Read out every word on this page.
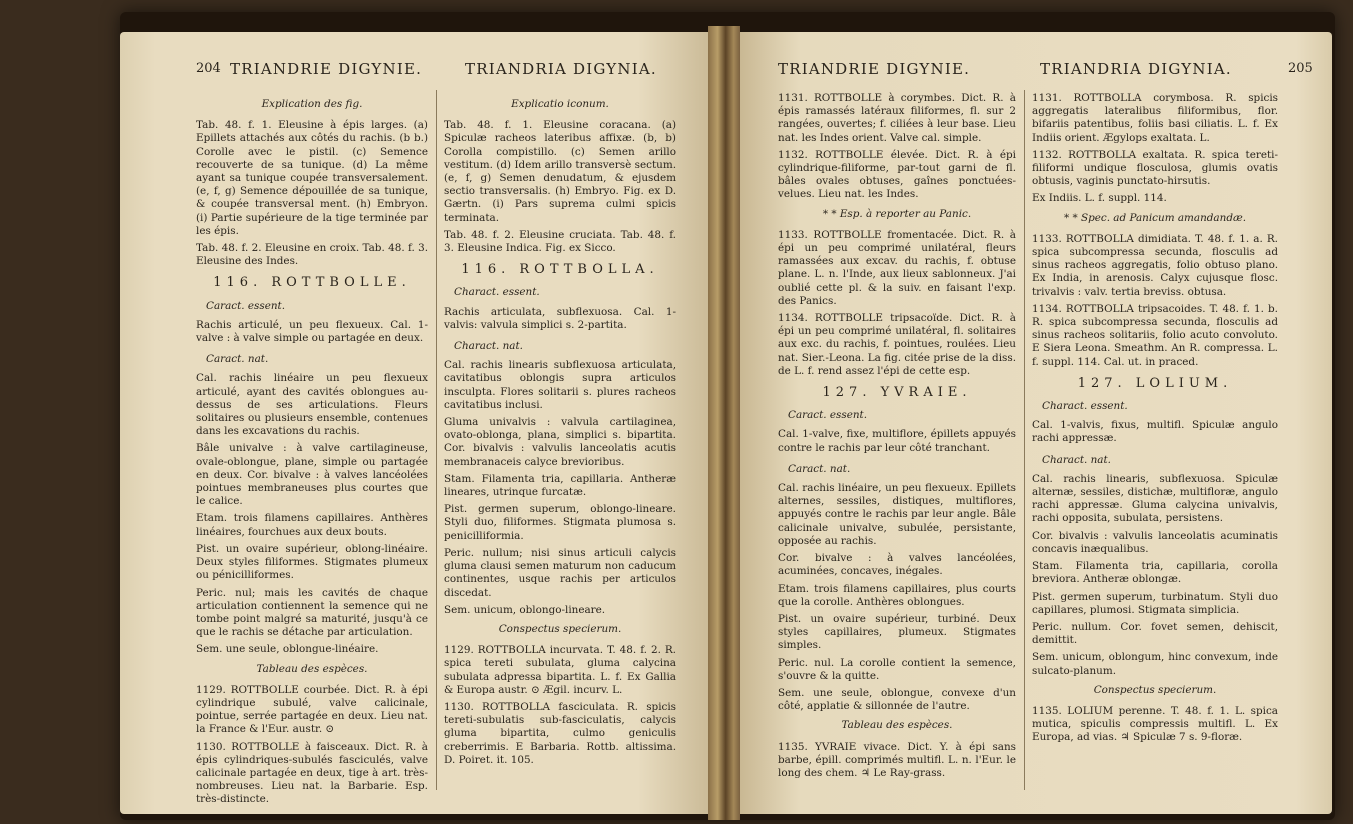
204 TRIANDRIE DIGYNIE.	TRIANDRIA DIGYNIA.

Explication des fig.

Tab. 48. f. 1. Eleusine à épis larges. (a) Epillets attachés aux côtés du rachis. (b b.) Corolle avec le pistil. (c) Semence recouverte de sa tunique. (d) La même ayant sa tunique coupée transversalement. (e, f, g) Semence dépouillée de sa tunique, & coupée transversal ment. (h) Embryon. (i) Partie supérieure de la tige terminée par les épis.

Tab. 48. f. 2. Eleusine en croix. Tab. 48. f. 3. Eleusine des Indes.

116. ROTTBOLLE.

Caract. essent.

Rachis articulé, un peu flexueux. Cal. 1-valve : à valve simple ou partagée en deux.

Caract. nat.

Cal. rachis linéaire un peu flexueux articulé, ayant des cavités oblongues au-dessus de ses articulations. Fleurs solitaires ou plusieurs ensemble, contenues dans les excavations du rachis.

Bâle univalve : à valve cartilagineuse, ovale-oblongue, plane, simple ou partagée en deux. Cor. bivalve : à valves lancéolées pointues membraneuses plus courtes que le calice.

Etam. trois filamens capillaires. Anthères linéaires, fourchues aux deux bouts.

Pist. un ovaire supérieur, oblong-linéaire. Deux styles filiformes. Stigmates plumeux ou pénicilliformes.

Peric. nul; mais les cavités de chaque articulation contiennent la semence qui ne tombe point malgré sa maturité, jusqu'à ce que le rachis se détache par articulation.

Sem. une seule, oblongue-linéaire.

Tableau des espèces.

1129. ROTTBOLLE courbée. Dict. R. à épi cylindrique subulé, valve calicinale, pointue, serrée partagée en deux. Lieu nat. la France & l'Eur. austr. ⊙

1130. ROTTBOLLE à faisceaux. Dict. R. à épis cylindriques-subulés fasciculés, valve calicinale partagée en deux, tige à art. très-nombreuses. Lieu nat. la Barbarie. Esp. très-distincte.

Explicatio iconum.

Tab. 48. f. 1. Eleusine coracana. (a) Spiculæ racheos lateribus affixæ. (b, b) Corolla compistillo. (c) Semen arillo vestitum. (d) Idem arillo transversè sectum. (e, f, g) Semen denudatum, & ejusdem sectio transversalis. (h) Embryo. Fig. ex D. Gærtn. (i) Pars suprema culmi spicis terminata.

Tab. 48. f. 2. Eleusine cruciata. Tab. 48. f. 3. Eleusine Indica. Fig. ex Sicco.

116. ROTTBOLLA.

Charact. essent.

Rachis articulata, subflexuosa. Cal. 1-valvis: valvula simplici s. 2-partita.

Charact. nat.

Cal. rachis linearis subflexuosa articulata, cavitatibus oblongis supra articulos insculpta. Flores solitarii s. plures racheos cavitatibus inclusi.

Gluma univalvis : valvula cartilaginea, ovato-oblonga, plana, simplici s. bipartita. Cor. bivalvis : valvulis lanceolatis acutis membranaceis calyce brevioribus.

Stam. Filamenta tria, capillaria. Antheræ lineares, utrinque furcatæ.

Pist. germen superum, oblongo-lineare. Styli duo, filiformes. Stigmata plumosa s. penicilliformia.

Peric. nullum; nisi sinus articuli calycis gluma clausi semen maturum non caducum continentes, usque rachis per articulos discedat.

Sem. unicum, oblongo-lineare.

Conspectus specierum.

1129. ROTTBOLLA incurvata. T. 48. f. 2. R. spica tereti subulata, gluma calycina subulata adpressa bipartita. L. f. Ex Gallia & Europa austr. ⊙ Ægil. incurv. L.

1130. ROTTBOLLA fasciculata. R. spicis tereti-subulatis sub-fasciculatis, calycis gluma bipartita, culmo geniculis creberrimis. E Barbaria. Rottb. altissima. D. Poiret. it. 105.

TRIANDRIE DIGYNIE.	TRIANDRIA DIGYNIA.	205

1131. ROTTBOLLE à corymbes. Dict. R. à épis ramassés latéraux filiformes, fl. sur 2 rangées, ouvertes; f. ciliées à leur base. Lieu nat. les Indes orient. Valve cal. simple.

1132. ROTTBOLLE élevée. Dict. R. à épi cylindrique-filiforme, par-tout garni de fl. bâles ovales obtuses, gaînes ponctuées-velues. Lieu nat. les Indes.

* * Esp. à reporter au Panic.

1133. ROTTBOLLE fromentacée. Dict. R. à épi un peu comprimé unilatéral, fleurs ramassées aux excav. du rachis, f. obtuse plane. L. n. l'Inde, aux lieux sablonneux. J'ai oublié cette pl. & la suiv. en faisant l'exp. des Panics.

1134. ROTTBOLLE tripsacoïde. Dict. R. à épi un peu comprimé unilatéral, fl. solitaires aux exc. du rachis, f. pointues, roulées. Lieu nat. Sier.-Leona. La fig. citée prise de la diss. de L. f. rend assez l'épi de cette esp.

127. YVRAIE.

Caract. essent.

Cal. 1-valve, fixe, multiflore, épillets appuyés contre le rachis par leur côté tranchant.

Caract. nat.

Cal. rachis linéaire, un peu flexueux. Epillets alternes, sessiles, distiques, multiflores, appuyés contre le rachis par leur angle. Bâle calicinale univalve, subulée, persistante, opposée au rachis.

Cor. bivalve : à valves lancéolées, acuminées, concaves, inégales.

Etam. trois filamens capillaires, plus courts que la corolle. Anthères oblongues.

Pist. un ovaire supérieur, turbiné. Deux styles capillaires, plumeux. Stigmates simples.

Peric. nul. La corolle contient la semence, s'ouvre & la quitte.

Sem. une seule, oblongue, convexe d'un côté, applatie & sillonnée de l'autre.

Tableau des espèces.

1135. YVRAIE vivace. Dict. Y. à épi sans barbe, épill. comprimés multifl. L. n. l'Eur. le long des chem. ♃ Le Ray-grass.

1131. ROTTBOLLA corymbosa. R. spicis aggregatis lateralibus filiformibus, flor. bifariis patentibus, foliis basi ciliatis. L. f. Ex Indiis orient. Ægylops exaltata. L.

1132. ROTTBOLLA exaltata. R. spica tereti-filiformi undique flosculosa, glumis ovatis obtusis, vaginis punctato-hirsutis.

Ex Indiis. L. f. suppl. 114.

* * Spec. ad Panicum amandandæ.

1133. ROTTBOLLA dimidiata. T. 48. f. 1. a. R. spica subcompressa secunda, flosculis ad sinus racheos aggregatis, folio obtuso plano. Ex India, in arenosis. Calyx cujusque flosc. trivalvis : valv. tertia breviss. obtusa.

1134. ROTTBOLLA tripsacoides. T. 48. f. 1. b. R. spica subcompressa secunda, flosculis ad sinus racheos solitariis, folio acuto convoluto. E Siera Leona. Smeathm. An R. compressa. L. f. suppl. 114. Cal. ut. in praced.

127. LOLIUM.

Charact. essent.

Cal. 1-valvis, fixus, multifl. Spiculæ angulo rachi appressæ.

Charact. nat.

Cal. rachis linearis, subflexuosa. Spiculæ alternæ, sessiles, distichæ, multifloræ, angulo rachi appressæ. Gluma calycina univalvis, rachi opposita, subulata, persistens.

Cor. bivalvis : valvulis lanceolatis acuminatis concavis inæqualibus.

Stam. Filamenta tria, capillaria, corolla breviora. Antheræ oblongæ.

Pist. germen superum, turbinatum. Styli duo capillares, plumosi. Stigmata simplicia.

Peric. nullum. Cor. fovet semen, dehiscit, demittit.

Sem. unicum, oblongum, hinc convexum, inde sulcato-planum.

Conspectus specierum.

1135. LOLIUM perenne. T. 48. f. 1. L. spica mutica, spiculis compressis multifl. L. Ex Europa, ad vias. ♃ Spiculæ 7 s. 9-floræ.
